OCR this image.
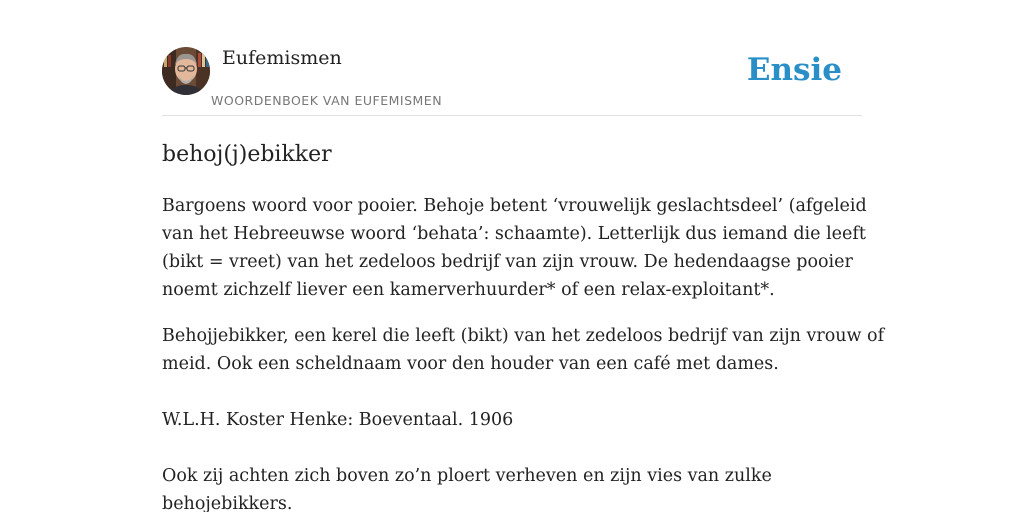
Eufemismen
WOORDENBOEK VAN EUFEMISMEN
Ensie
behoj(j)ebikker

Bargoens woord voor pooier. Behoje betent ‘vrouwelijk geslachtsdeel’ (afgeleid

van het Hebreeuwse woord ‘behata’: schaamte). Letterlijk dus iemand die leeft

(bikt = vreet) van het zedeloos bedrijf van zijn vrouw. De hedendaagse pooier

noemt zichzelf liever een kamerverhuurder* of een relax-exploitant*.

Behojjebikker, een kerel die leeft (bikt) van het zedeloos bedrijf van zijn vrouw of

meid. Ook een scheldnaam voor den houder van een café met dames.

W.L.H. Koster Henke: Boeventaal. 1906

Ook zij achten zich boven zo’n ploert verheven en zijn vies van zulke

behojebikkers.
